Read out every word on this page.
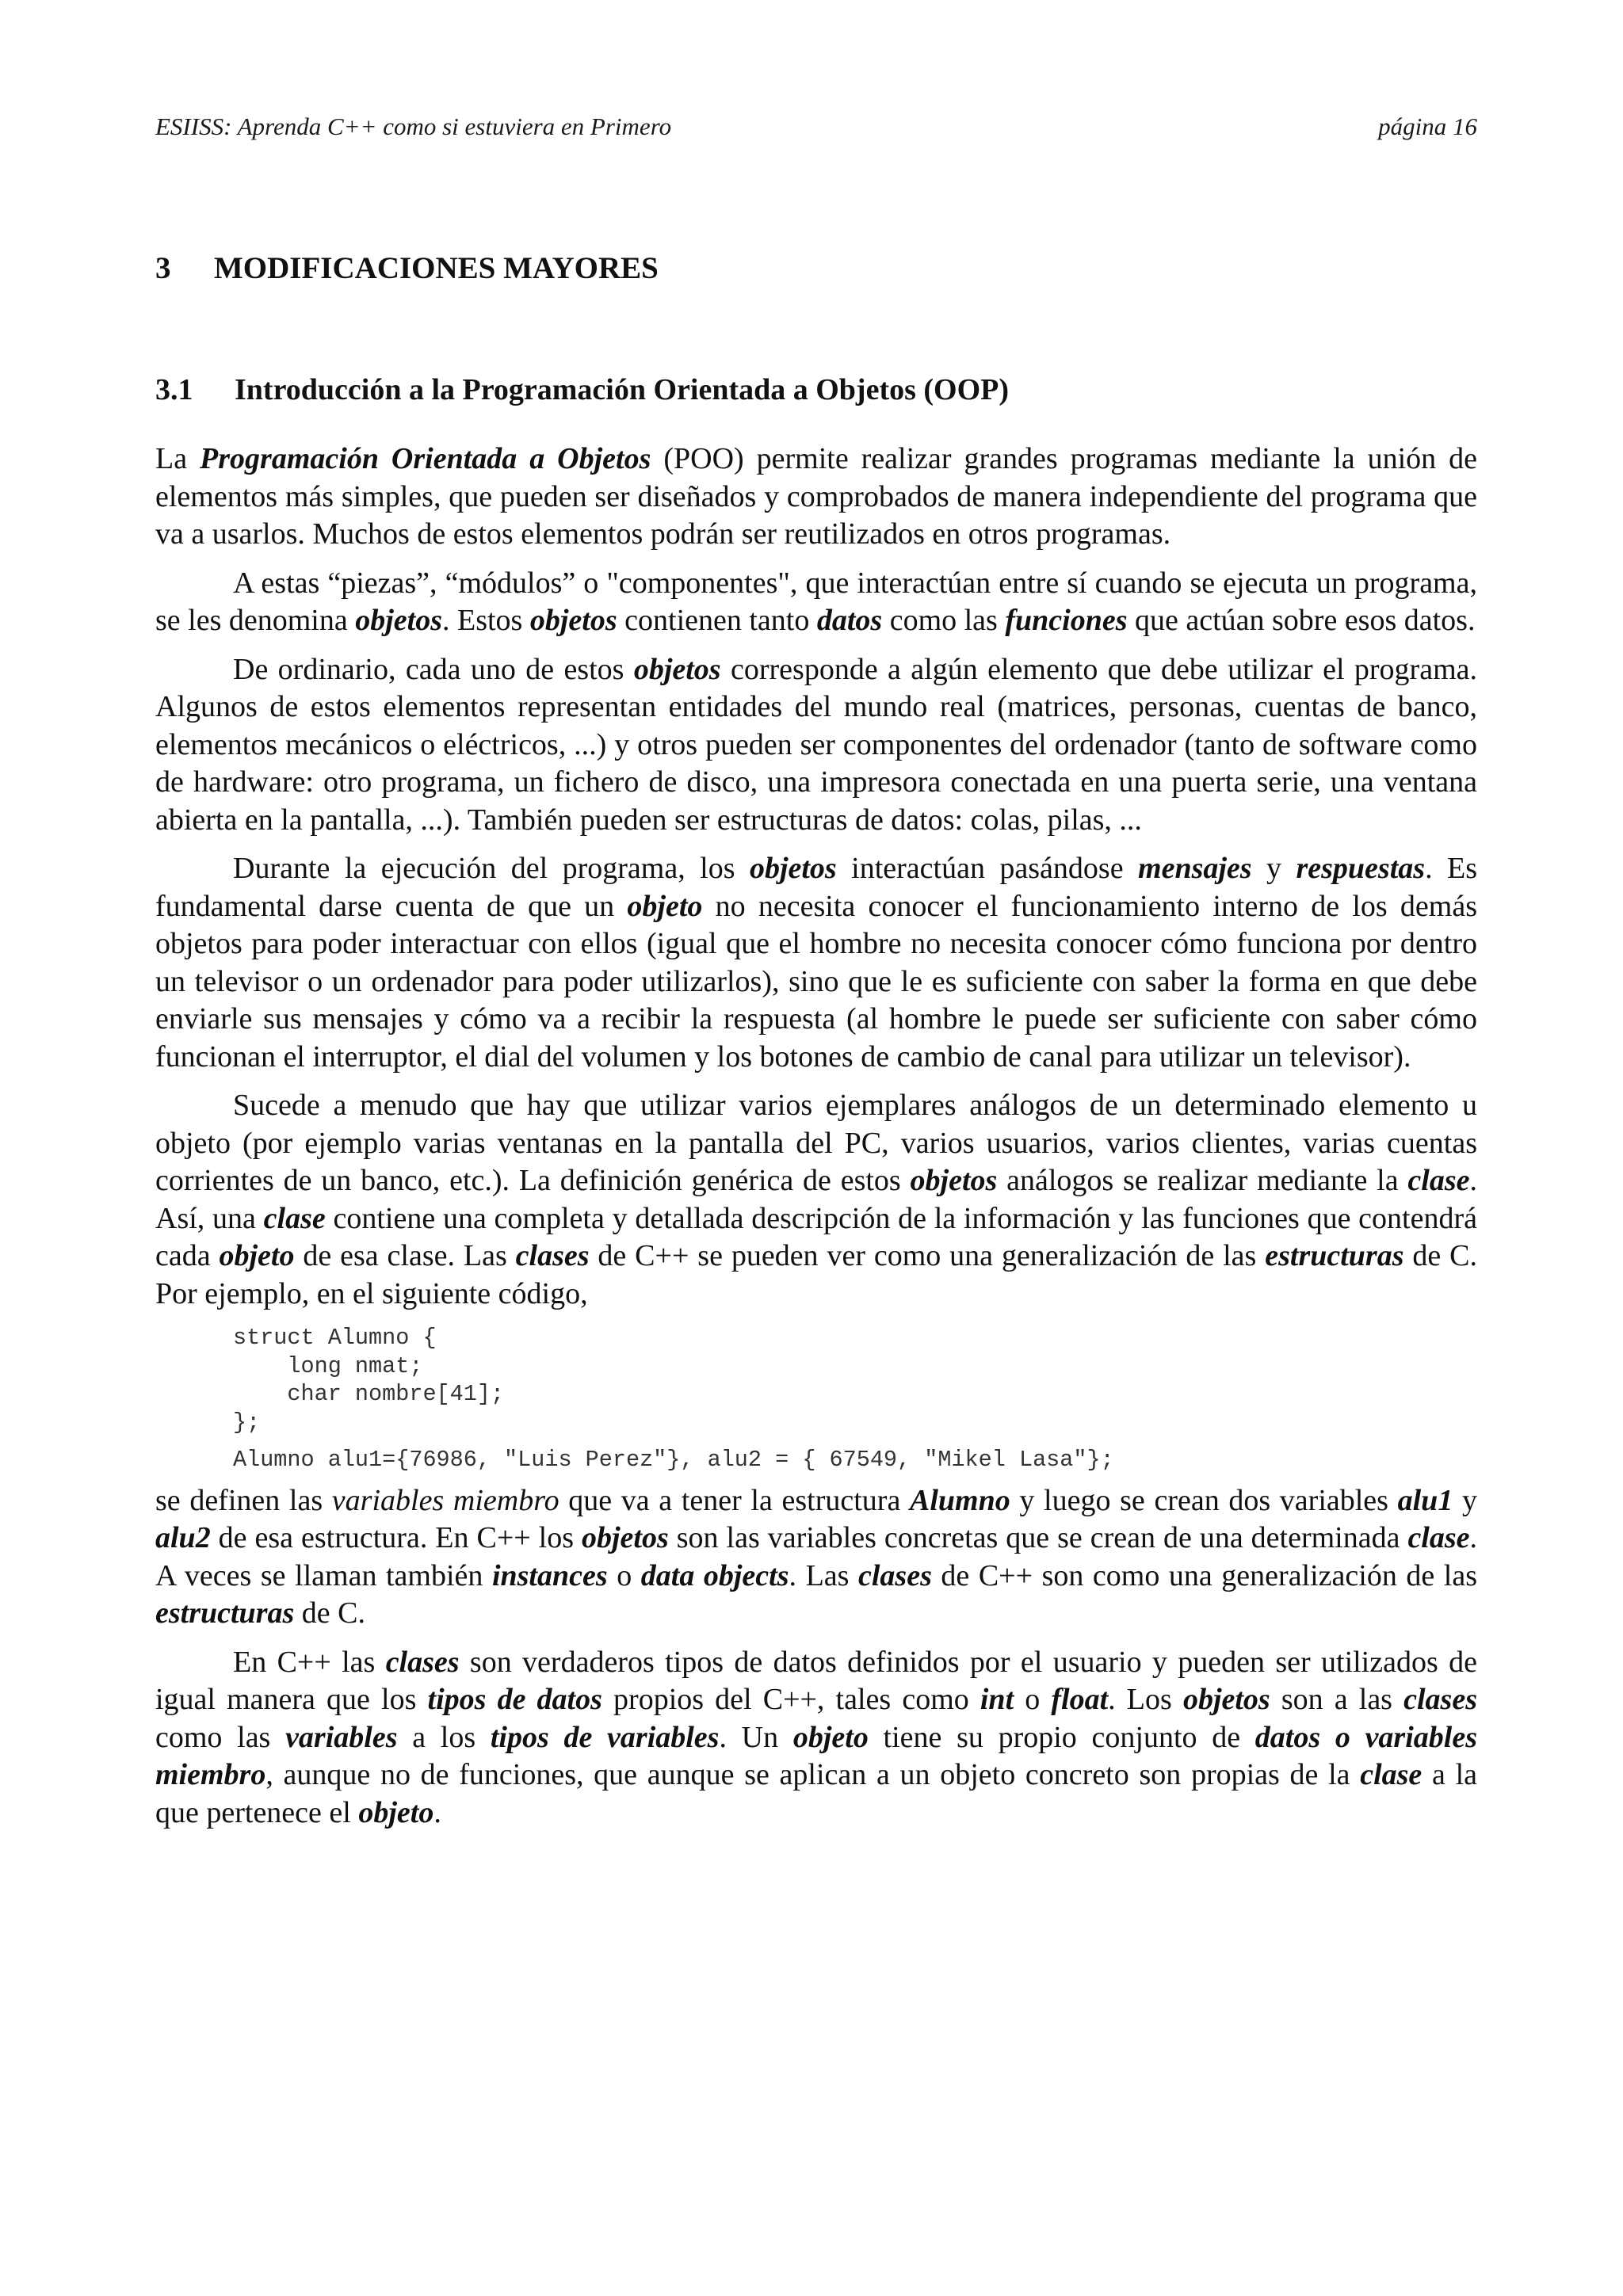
ESIISS: Aprenda C++ como si estuviera en Primero	página 16
3 MODIFICACIONES MAYORES
3.1 Introducción a la Programación Orientada a Objetos (OOP)

La Programación Orientada a Objetos (POO) permite realizar grandes programas mediante la unión de elementos más simples, que pueden ser diseñados y comprobados de manera independiente del programa que va a usarlos. Muchos de estos elementos podrán ser reutilizados en otros programas.

A estas “piezas”, “módulos” o "componentes", que interactúan entre sí cuando se ejecuta un programa, se les denomina objetos. Estos objetos contienen tanto datos como las funciones que actúan sobre esos datos.

De ordinario, cada uno de estos objetos corresponde a algún elemento que debe utilizar el programa. Algunos de estos elementos representan entidades del mundo real (matrices, personas, cuentas de banco, elementos mecánicos o eléctricos, ...) y otros pueden ser componentes del ordenador (tanto de software como de hardware: otro programa, un fichero de disco, una impresora conectada en una puerta serie, una ventana abierta en la pantalla, ...). También pueden ser estructuras de datos: colas, pilas, ...

Durante la ejecución del programa, los objetos interactúan pasándose mensajes y respuestas. Es fundamental darse cuenta de que un objeto no necesita conocer el funcionamiento interno de los demás objetos para poder interactuar con ellos (igual que el hombre no necesita conocer cómo funciona por dentro un televisor o un ordenador para poder utilizarlos), sino que le es suficiente con saber la forma en que debe enviarle sus mensajes y cómo va a recibir la respuesta (al hombre le puede ser suficiente con saber cómo funcionan el interruptor, el dial del volumen y los botones de cambio de canal para utilizar un televisor).

Sucede a menudo que hay que utilizar varios ejemplares análogos de un determinado elemento u objeto (por ejemplo varias ventanas en la pantalla del PC, varios usuarios, varios clientes, varias cuentas corrientes de un banco, etc.). La definición genérica de estos objetos análogos se realizar mediante la clase. Así, una clase contiene una completa y detallada descripción de la información y las funciones que contendrá cada objeto de esa clase. Las clases de C++ se pueden ver como una generalización de las estructuras de C. Por ejemplo, en el siguiente código,

struct Alumno {
long nmat;
char nombre[41];
};
Alumno alu1={76986, "Luis Perez"}, alu2 = { 67549, "Mikel Lasa"};

se definen las variables miembro que va a tener la estructura Alumno y luego se crean dos variables alu1 y alu2 de esa estructura. En C++ los objetos son las variables concretas que se crean de una determinada clase. A veces se llaman también instances o data objects. Las clases de C++ son como una generalización de las estructuras de C.

En C++ las clases son verdaderos tipos de datos definidos por el usuario y pueden ser utilizados de igual manera que los tipos de datos propios del C++, tales como int o float. Los objetos son a las clases como las variables a los tipos de variables. Un objeto tiene su propio conjunto de datos o variables miembro, aunque no de funciones, que aunque se aplican a un objeto concreto son propias de la clase a la que pertenece el objeto.
